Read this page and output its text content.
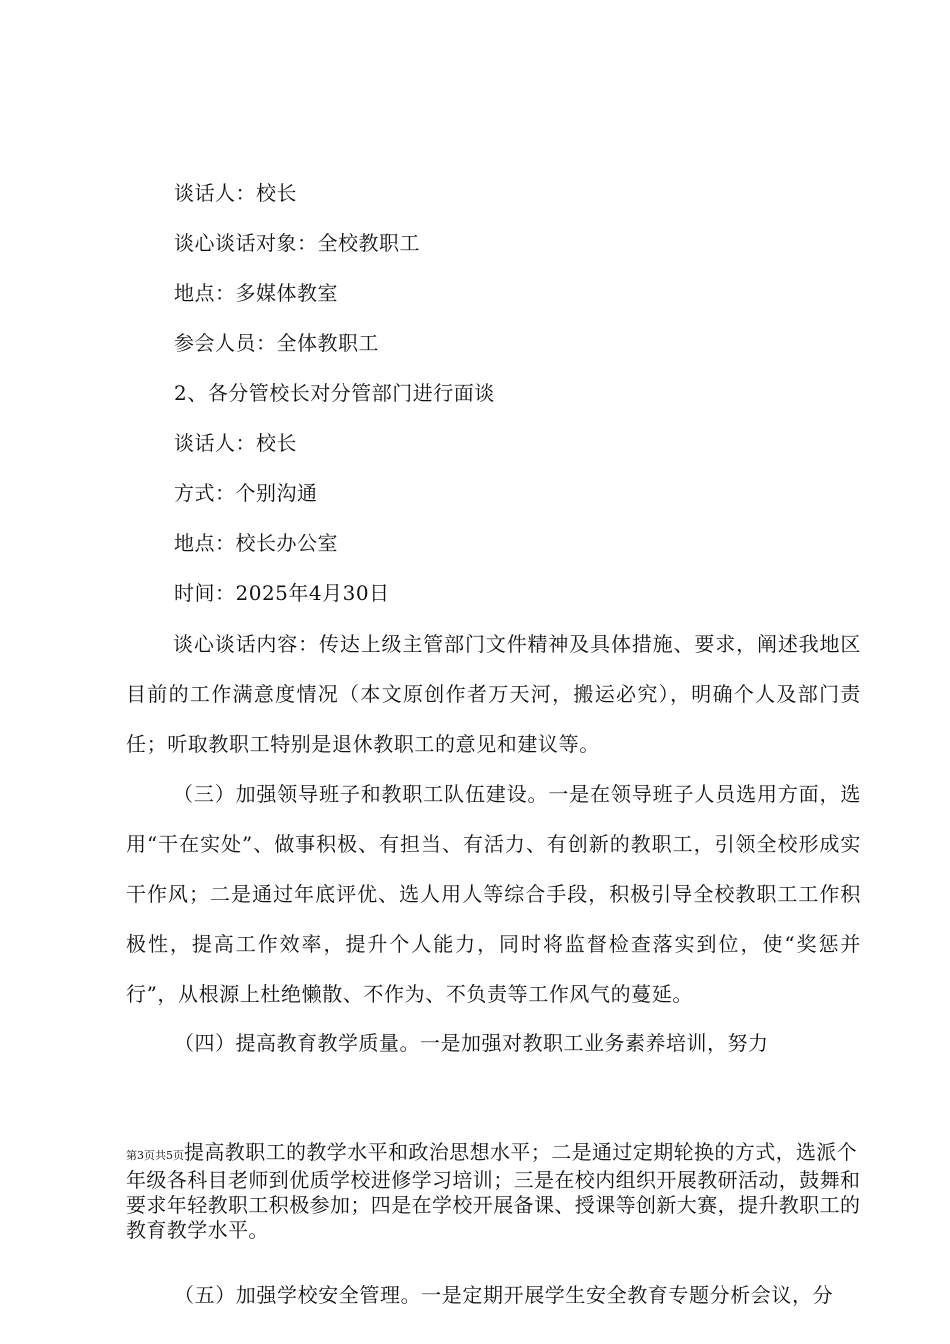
谈话人：校长
谈心谈话对象：全校教职工
地点：多媒体教室
参会人员：全体教职工
2、各分管校长对分管部门进行面谈
谈话人：校长
方式：个别沟通
地点：校长办公室
时间：2025年4月30日
谈心谈话内容：传达上级主管部门文件精神及具体措施、要求，阐述我地区目前的工作满意度情况（本文原创作者万天河，搬运必究），明确个人及部门责任；听取教职工特别是退休教职工的意见和建议等。
（三）加强领导班子和教职工队伍建设。一是在领导班子人员选用方面，选用“干在实处”、做事积极、有担当、有活力、有创新的教职工，引领全校形成实干作风；二是通过年底评优、选人用人等综合手段，积极引导全校教职工工作积极性，提高工作效率，提升个人能力，同时将监督检查落实到位，使“奖惩并行”，从根源上杜绝懒散、不作为、不负责等工作风气的蔓延。
（四）提高教育教学质量。一是加强对教职工业务素养培训，努力
第3页共5页提高教职工的教学水平和政治思想水平；二是通过定期轮换的方式，选派个年级各科目老师到优质学校进修学习培训；三是在校内组织开展教研活动，鼓舞和要求年轻教职工积极参加；四是在学校开展备课、授课等创新大赛，提升教职工的教育教学水平。
（五）加强学校安全管理。一是定期开展学生安全教育专题分析会议，分
